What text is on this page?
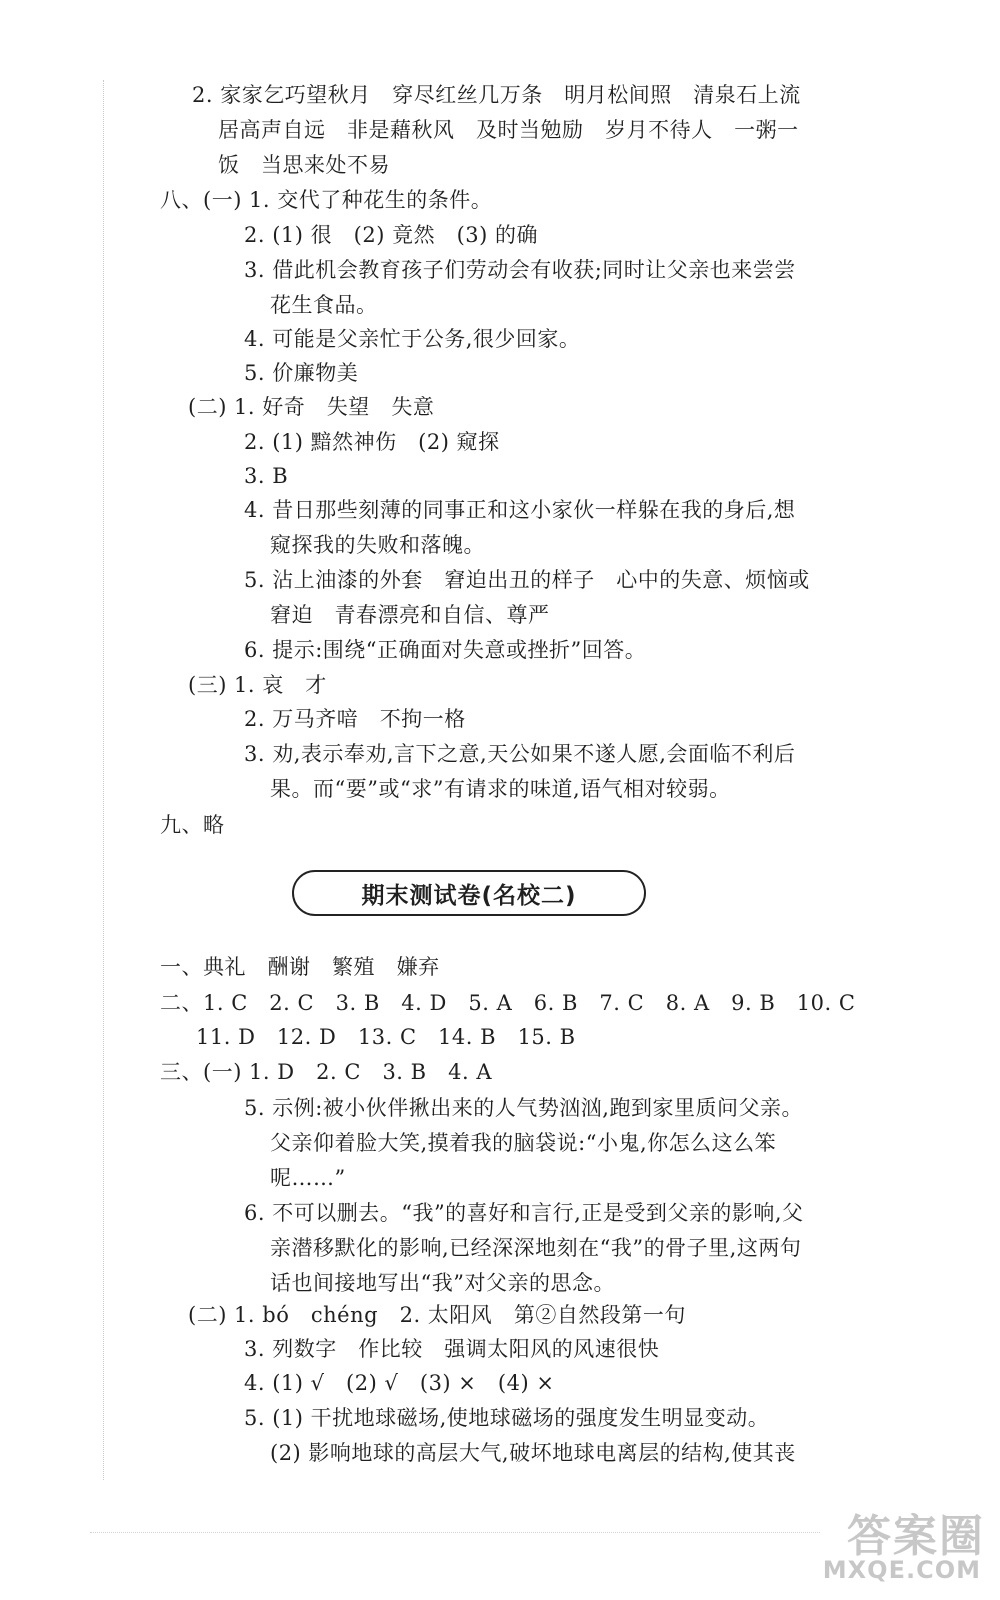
2. 家家乞巧望秋月   穿尽红丝几万条   明月松间照   清泉石上流
居高声自远   非是藉秋风   及时当勉励   岁月不待人   一粥一
饭   当思来处不易
八、(一) 1. 交代了种花生的条件。
2. (1) 很   (2) 竟然   (3) 的确
3. 借此机会教育孩子们劳动会有收获;同时让父亲也来尝尝
花生食品。
4. 可能是父亲忙于公务,很少回家。
5. 价廉物美
(二) 1. 好奇   失望   失意
2. (1) 黯然神伤   (2) 窥探
3. B
4. 昔日那些刻薄的同事正和这小家伙一样躲在我的身后,想
窥探我的失败和落魄。
5. 沾上油漆的外套   窘迫出丑的样子   心中的失意、烦恼或
窘迫   青春漂亮和自信、尊严
6. 提示:围绕“正确面对失意或挫折”回答。
(三) 1. 哀   才
2. 万马齐喑   不拘一格
3. 劝,表示奉劝,言下之意,天公如果不遂人愿,会面临不利后
果。而“要”或“求”有请求的味道,语气相对较弱。
九、略
期末测试卷(名校二)
一、典礼   酬谢   繁殖   嫌弃
二、1. C   2. C   3. B   4. D   5. A   6. B   7. C   8. A   9. B   10. C
11. D   12. D   13. C   14. B   15. B
三、(一) 1. D   2. C   3. B   4. A
5. 示例:被小伙伴揪出来的人气势汹汹,跑到家里质问父亲。
父亲仰着脸大笑,摸着我的脑袋说:“小鬼,你怎么这么笨
呢……”
6. 不可以删去。“我”的喜好和言行,正是受到父亲的影响,父
亲潜移默化的影响,已经深深地刻在“我”的骨子里,这两句
话也间接地写出“我”对父亲的思念。
(二) 1. bó   chéng   2. 太阳风   第②自然段第一句
3. 列数字   作比较   强调太阳风的风速很快
4. (1) √   (2) √   (3) ×   (4) ×
5. (1) 干扰地球磁场,使地球磁场的强度发生明显变动。
(2) 影响地球的高层大气,破坏地球电离层的结构,使其丧
答案圈
MXQE.COM
